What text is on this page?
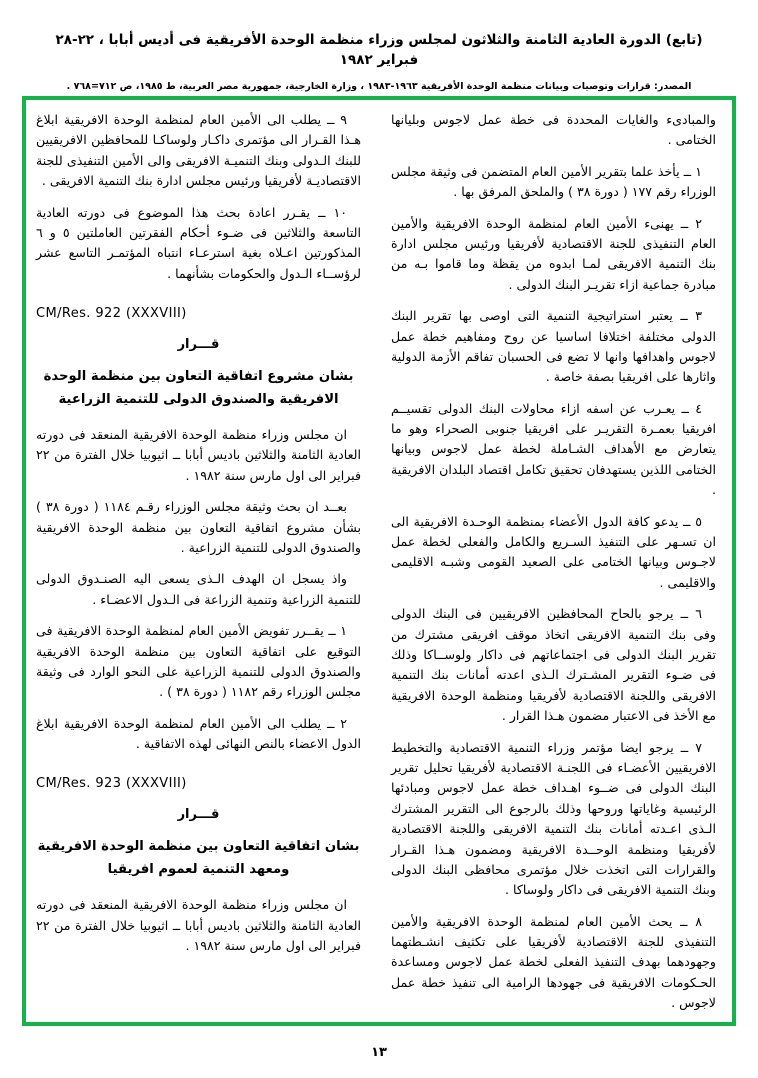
(تابع) الدورة العادية الثامنة والثلاثون لمجلس وزراء منظمة الوحدة الأفريقية فى أديس أبابا ، ٢٢-٢٨ فبراير ١٩٨٢
المصدر: قرارات وتوصيات وبيانات منظمة الوحدة الأفريقية ١٩٦٣-١٩٨٣ ، وزارة الخارجية، جمهورية مصر العربية، ط ١٩٨٥، ص ٧١٢=٧٦٨ .

٩ ــ يطلب الى الأمين العام لمنظمة الوحدة الافريقية ابلاغ هـذا القـرار الى مؤتمرى داكـار ولوساكـا للمحافظين الافريقيين للبنك الـدولى وبنك التنميـة الافريقى والى الأمين التنفيذى للجنة الاقتصاديـة لأفريقيا ورئيس مجلس ادارة بنك التنمية الافريقى .

١٠ ــ يقـرر اعادة بحث هذا الموضوع فى دورته العادية التاسعة والثلاثين فى ضـوء أحكام الفقرتين العاملتين ٥ و ٦ المذكورتين اعـلاه بغية استرعـاء انتباه المؤتمـر التاسع عشر لرؤســاء الـدول والحكومات بشأنهما .

CM/Res. 922 (XXXVIII)
قـــرار
بشان مشروع اتفاقية التعاون بين منظمة الوحدة الافريقية والصندوق الدولى للتنمية الزراعية

ان مجلس وزراء منظمة الوحدة الافريقية المنعقد فى دورته العادية الثامنة والثلاثين باديس أبابا ــ اثيوبيا خلال الفترة من ٢٢ فبراير الى اول مارس سنة ١٩٨٢ .

بعــد ان بحث وثيقة مجلس الوزراء رقـم ١١٨٤ ( دورة ٣٨ ) بشأن مشروع اتفاقية التعاون بين منظمة الوحدة الافريقية والصندوق الدولى للتنمية الزراعية .

واذ يسجل ان الهدف الـذى يسعى اليه الصنـدوق الدولى للتنمية الزراعية وتنمية الزراعة فى الـدول الاعضـاء .

١ ــ يقــرر تفويض الأمين العام لمنظمة الوحدة الافريقية فى التوقيع على اتفاقية التعاون بين منظمة الوحدة الافريقية والصندوق الدولى للتنمية الزراعية على النحو الوارد فى وثيقة مجلس الوزراء رقم ١١٨٢ ( دورة ٣٨ ) .

٢ ــ يطلب الى الأمين العام لمنظمة الوحدة الافريقية ابلاغ الدول الاعضاء بالنص النهائى لهذه الاتفاقية .

CM/Res. 923 (XXXVIII)
قـــرار
بشان اتفاقية التعاون بين منظمة الوحدة الافريقية ومعهد التنمية لعموم افريقيا

ان مجلس وزراء منظمة الوحدة الافريقية المنعقد فى دورته العادية الثامنة والثلاثين باديس أبابا ــ اثيوبيا خلال الفترة من ٢٢ فبراير الى اول مارس سنة ١٩٨٢ .

والمبادىء والغايات المحددة فى خطة عمل لاجوس وبليانها الختامى .

١ ــ يأخذ علما بتقرير الأمين العام المتضمن فى وثيقة مجلس الوزراء رقم ١٧٧ ( دورة ٣٨ ) والملحق المرفق بها .

٢ ــ يهنىء الأمين العام لمنظمة الوحدة الافريقية والأمين العام التنفيذى للجنة الاقتصادية لأفريقيا ورئيس مجلس ادارة بنك التنمية الافريقى لمـا ابدوه من يقظة وما قاموا بـه من مبادرة جماعية ازاء تقريـر البنك الدولى .

٣ ــ يعتبر استراتيجية التنمية التى اوصى بها تقرير البنك الدولى مختلفة اختلافا اساسيا عن روح ومفاهيم خطة عمل لاجوس واهدافها وانها لا تضع فى الحسبان تفاقم الأزمة الدولية واثارها على افريقيا بصفة خاصة .

٤ ــ يعـرب عن اسفه ازاء محاولات البنك الدولى تقسيــم افريقيا بعمـرة التقريـر على افريقيا جنوبى الصحراء وهو ما يتعارض مع الأهداف الشـاملة لخطة عمل لاجوس وبيانها الختامى اللذين يستهدفان تحقيق تكامل اقتصاد البلدان الافريقية .

٥ ــ يدعو كافة الدول الأعضاء بمنظمة الوحـدة الافريقية الى ان تسـهر على التنفيذ السـريع والكامل والفعلى لخطة عمل لاجـوس وبيانها الختامى على الصعيد القومى وشبـه الاقليمى والاقليمى .

٦ ــ يرجو بالحاح المحافظين الافريقيين فى البنك الدولى وفى بنك التنمية الافريقى اتخاذ موقف افريقى مشترك من تقرير البنك الدولى فى اجتماعاتهم فى داكار ولوســاكا وذلك فى ضـوء التقرير المشـترك الـذى اعدته أمانات بنك التنمية الافريقى واللجنة الاقتصادية لأفريقيا ومنظمة الوحدة الافريقية مع الأخذ فى الاعتبار مضمون هـذا القرار .

٧ ــ يرجو ايضا مؤتمر وزراء التنمية الاقتصادية والتخطيط الافريقيين الأعضـاء فى اللجنـة الاقتصادية لأفريقيا تحليل تقرير البنك الدولى فى ضــوء اهـداف خطة عمل لاجوس ومبادئها الرئيسية وغاياتها وروحها وذلك بالرجوع الى التقرير المشترك الـذى اعـدته أمانات بنك التنمية الافريقى واللجنة الاقتصادية لأفريقيا ومنظمة الوحــدة الافريقية ومضمون هـذا القـرار والقرارات التى اتخذت خلال مؤتمرى محافظى البنك الدولى وبنك التنمية الافريقى فى داكار ولوساكا .

٨ ــ يحث الأمين العام لمنظمة الوحدة الافريقية والأمين التنفيذى للجنة الاقتصادية لأفريقيا على تكثيف انشـطتهما وجهودهما بهدف التنفيذ الفعلى لخطة عمل لاجوس ومساعدة الحـكومات الافريقية فى جهودها الرامية الى تنفيذ خطة عمل لاجوس .

١٣
